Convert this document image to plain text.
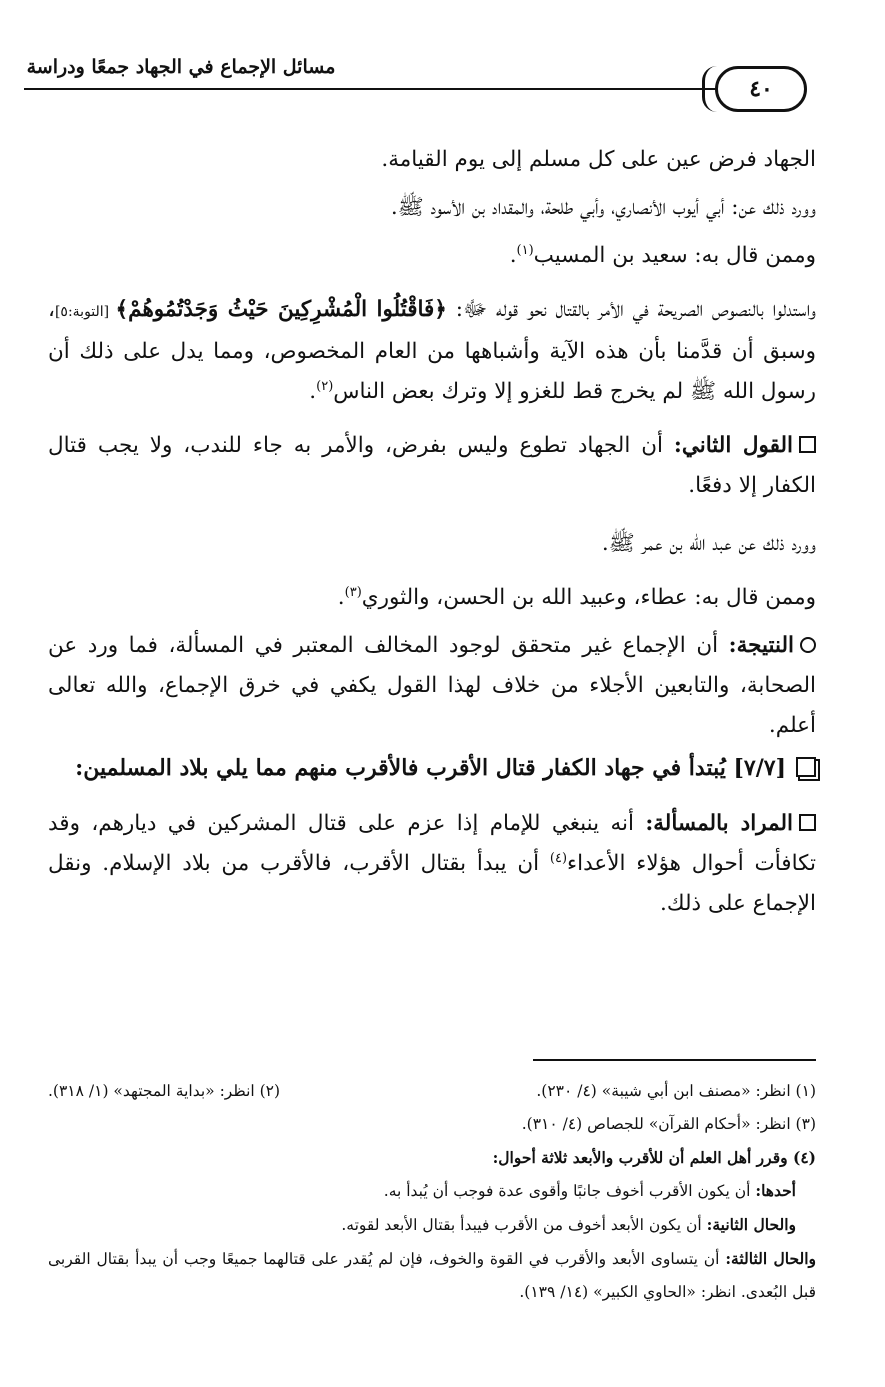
مسائل الإجماع في الجهاد جمعًا ودراسة
٤٠

الجهاد فرض عين على كل مسلم إلى يوم القيامة.

وورد ذلك عن: أبي أيوب الأنصاري، وأبي طلحة، والمقداد بن الأسود ﷺ.

وممن قال به: سعيد بن المسيب$^{(١)}$.

واستدلوا بالنصوص الصريحة في الأمر بالقتال نحو قوله ﷻ: ﴿فَاقْتُلُوا الْمُشْرِكِينَ حَيْثُ وَجَدْتُمُوهُمْ﴾ [التوبة:٥]، وسبق أن قدَّمنا بأن هذه الآية وأشباهها من العام المخصوص، ومما يدل على ذلك أن رسول الله ﷺ لم يخرج قط للغزو إلا وترك بعض الناس$^{(٢)}$.

القول الثاني: أن الجهاد تطوع وليس بفرض، والأمر به جاء للندب، ولا يجب قتال الكفار إلا دفعًا.

وورد ذلك عن عبد الله بن عمر ﷺ.

وممن قال به: عطاء، وعبيد الله بن الحسن، والثوري$^{(٣)}$.

النتيجة: أن الإجماع غير متحقق لوجود المخالف المعتبر في المسألة، فما ورد عن الصحابة، والتابعين الأجلاء من خلاف لهذا القول يكفي في خرق الإجماع، والله تعالى أعلم.

[٧/٧] يُبتدأ في جهاد الكفار قتال الأقرب فالأقرب منهم مما يلي بلاد المسلمين:

المراد بالمسألة: أنه ينبغي للإمام إذا عزم على قتال المشركين في ديارهم، وقد تكافأت أحوال هؤلاء الأعداء$^{(٤)}$ أن يبدأ بقتال الأقرب، فالأقرب من بلاد الإسلام. ونقل الإجماع على ذلك.

(١) انظر: «مصنف ابن أبي شيبة» (٤/ ٢٣٠).
(٢) انظر: «بداية المجتهد» (١/ ٣١٨).
(٣) انظر: «أحكام القرآن» للجصاص (٤/ ٣١٠).
(٤) وقرر أهل العلم أن للأقرب والأبعد ثلاثة أحوال:
أحدها: أن يكون الأقرب أخوف جانبًا وأقوى عدة فوجب أن يُبدأ به.
والحال الثانية: أن يكون الأبعد أخوف من الأقرب فيبدأ بقتال الأبعد لقوته.
والحال الثالثة: أن يتساوى الأبعد والأقرب في القوة والخوف، فإن لم يُقدر على قتالهما جميعًا وجب أن يبدأ بقتال القربى قبل البُعدى. انظر: «الحاوي الكبير» (١٤/ ١٣٩).
